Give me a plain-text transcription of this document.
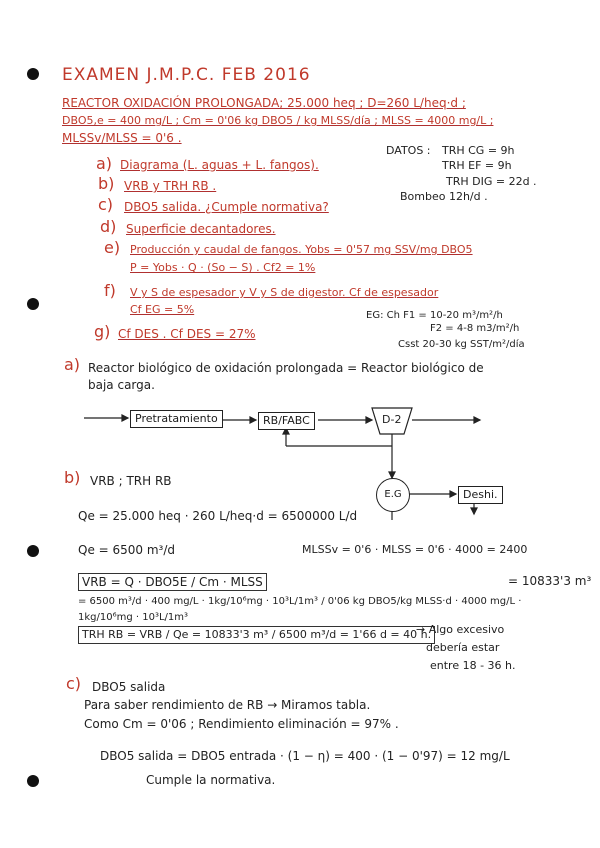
EXAMEN J.M.P.C. FEB 2016
REACTOR OXIDACIÓN PROLONGADA; 25.000 heq ; D=260 L/heq·d ;
DBO5,e = 400 mg/L ; Cm = 0'06 kg DBO5 / kg MLSS/día ; MLSS = 4000 mg/L ;
MLSSv/MLSS = 0'6 .
DATOS : TRH CG = 9h
TRH EF = 9h
TRH DIG = 22d .
Bombeo 12h/d .
a) Diagrama (L. aguas + L. fangos).
b) VRB y TRH RB .
c) DBO5 salida. ¿Cumple normativa?
d) Superficie decantadores.
e) Producción y caudal de fangos. Yobs = 0'57 mg SSV/mg DBO5
P = Yobs · Q · (So − S) . Cf2 = 1%
f) V y S de espesador y V y S de digestor. Cf de espesador
Cf EG = 5%
g) Cf DES . Cf DES = 27%
EG: Ch F1 = 10-20 m³/m²/h
F2 = 4-8 m3/m²/h
Csst 20-30 kg SST/m²/día
a) Reactor biológico de oxidación prolongada = Reactor biológico de
baja carga.
Pretratamiento	RB/FABC	D-2
E.G	Deshi.
b) VRB ; TRH RB
Qe = 25.000 heq · 260 L/heq·d = 6500000 L/d
Qe = 6500 m³/d	MLSSv = 0'6 · MLSS = 0'6 · 4000 = 2400
VRB = Q · DBO5E / Cm · MLSS
= 6500 m³/d · 400 mg/L · 1kg/10⁶mg · 10³L/1m³ / 0'06 kg DBO5/kg MLSS·d · 4000 mg/L · 1kg/10⁶mg · 10³L/1m³
= 10833'3 m³
TRH RB = VRB / Qe = 10833'3 m³ / 6500 m³/d = 1'66 d = 40 h.
→ Algo excesivo
debería estar
entre 18 - 36 h.
c) DBO5 salida
Para saber rendimiento de RB → Miramos tabla.
Como Cm = 0'06 ; Rendimiento eliminación = 97% .
DBO5 salida = DBO5 entrada · (1 − η) = 400 · (1 − 0'97) = 12 mg/L
Cumple la normativa.
